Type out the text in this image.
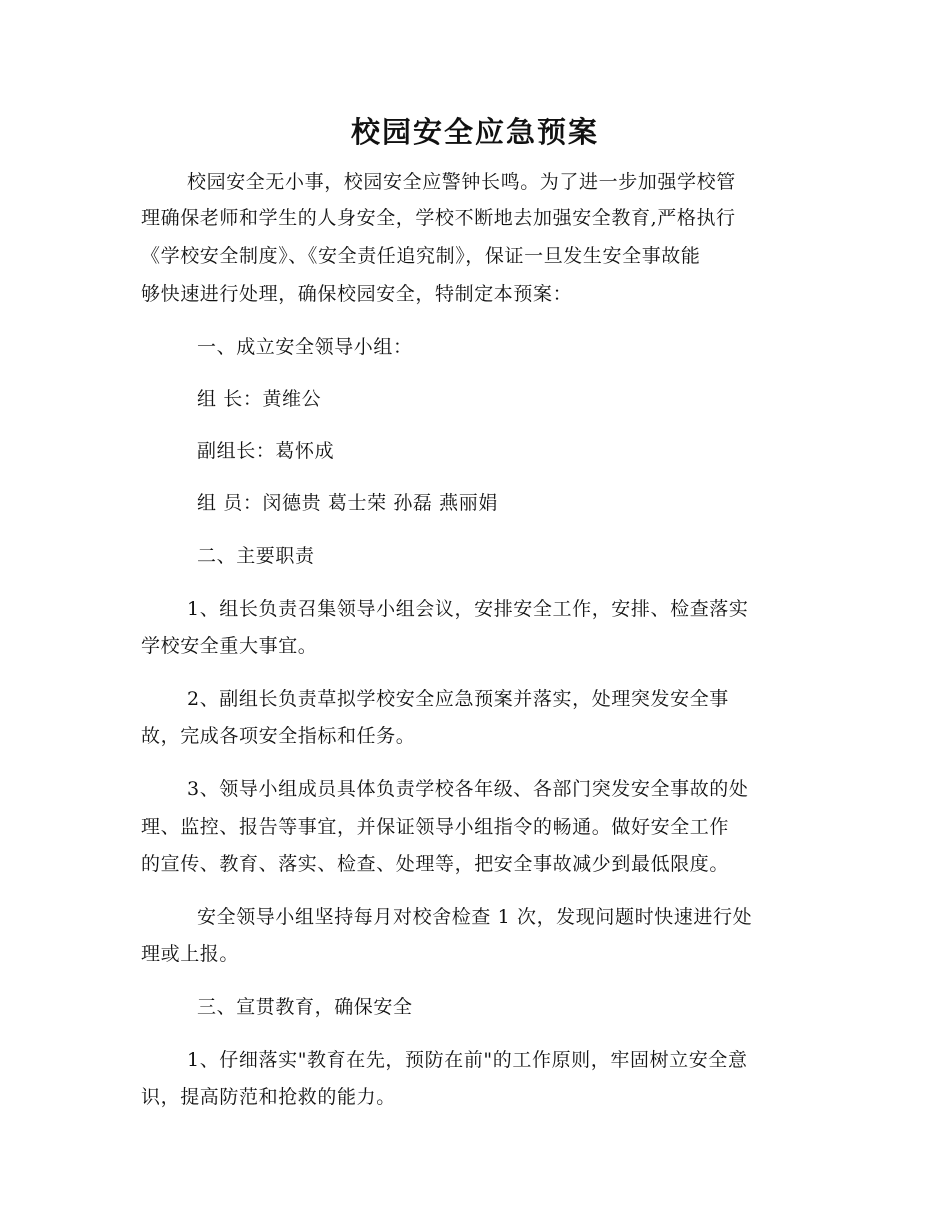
校园安全应急预案
校园安全无小事，校园安全应警钟长鸣。为了进一步加强学校管
理确保老师和学生的人身安全，学校不断地去加强安全教育,严格执行
《学校安全制度》、《安全责任追究制》，保证一旦发生安全事故能
够快速进行处理，确保校园安全，特制定本预案：
一、成立安全领导小组：
组 长：黄维公
副组长：葛怀成
组 员：闵德贵 葛士荣 孙磊 燕丽娟
二、主要职责
1、组长负责召集领导小组会议，安排安全工作，安排、检查落实
学校安全重大事宜。
2、副组长负责草拟学校安全应急预案并落实，处理突发安全事
故，完成各项安全指标和任务。
3、领导小组成员具体负责学校各年级、各部门突发安全事故的处
理、监控、报告等事宜，并保证领导小组指令的畅通。做好安全工作
的宣传、教育、落实、检查、处理等，把安全事故减少到最低限度。
安全领导小组坚持每月对校舍检查 1 次，发现问题时快速进行处
理或上报。
三、宣贯教育，确保安全
1、仔细落实"教育在先，预防在前"的工作原则，牢固树立安全意
识，提高防范和抢救的能力。
